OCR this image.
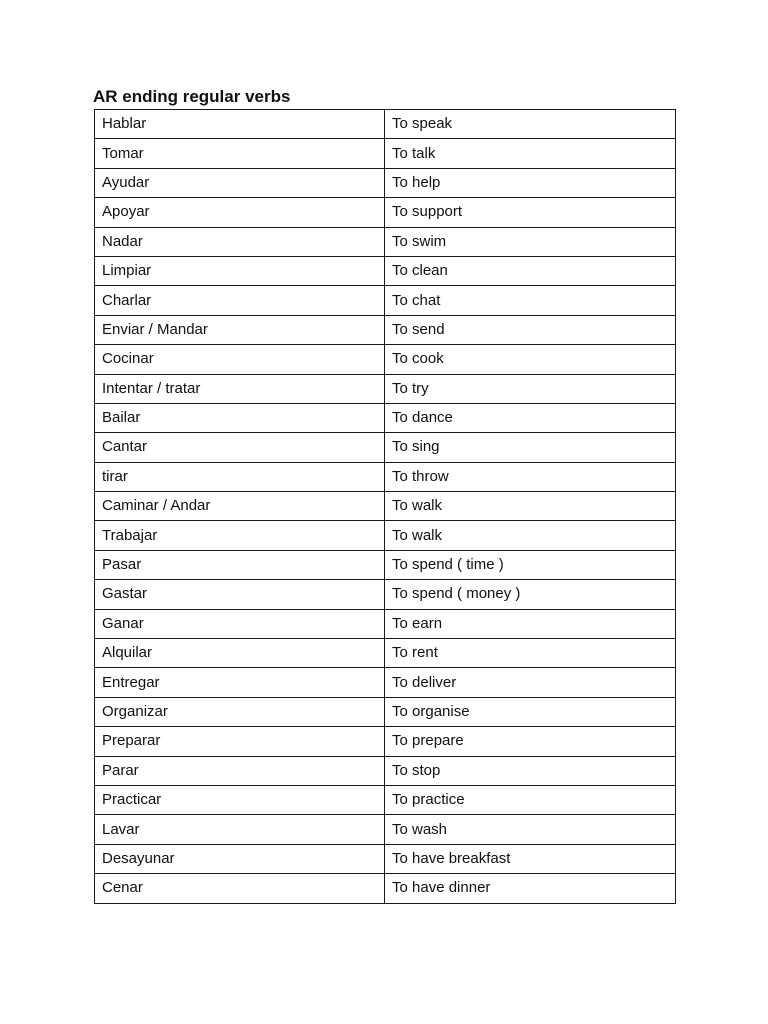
AR ending regular verbs
Hablar	To speak
Tomar	To talk
Ayudar	To help
Apoyar	To support
Nadar	To swim
Limpiar	To clean
Charlar	To chat
Enviar / Mandar	To send
Cocinar	To cook
Intentar / tratar	To try
Bailar	To dance
Cantar	To sing
tirar	To throw
Caminar / Andar	To walk
Trabajar	To walk
Pasar	To spend ( time )
Gastar	To spend ( money )
Ganar	To earn
Alquilar	To rent
Entregar	To deliver
Organizar	To organise
Preparar	To prepare
Parar	To stop
Practicar	To practice
Lavar	To wash
Desayunar	To have breakfast
Cenar	To have dinner
